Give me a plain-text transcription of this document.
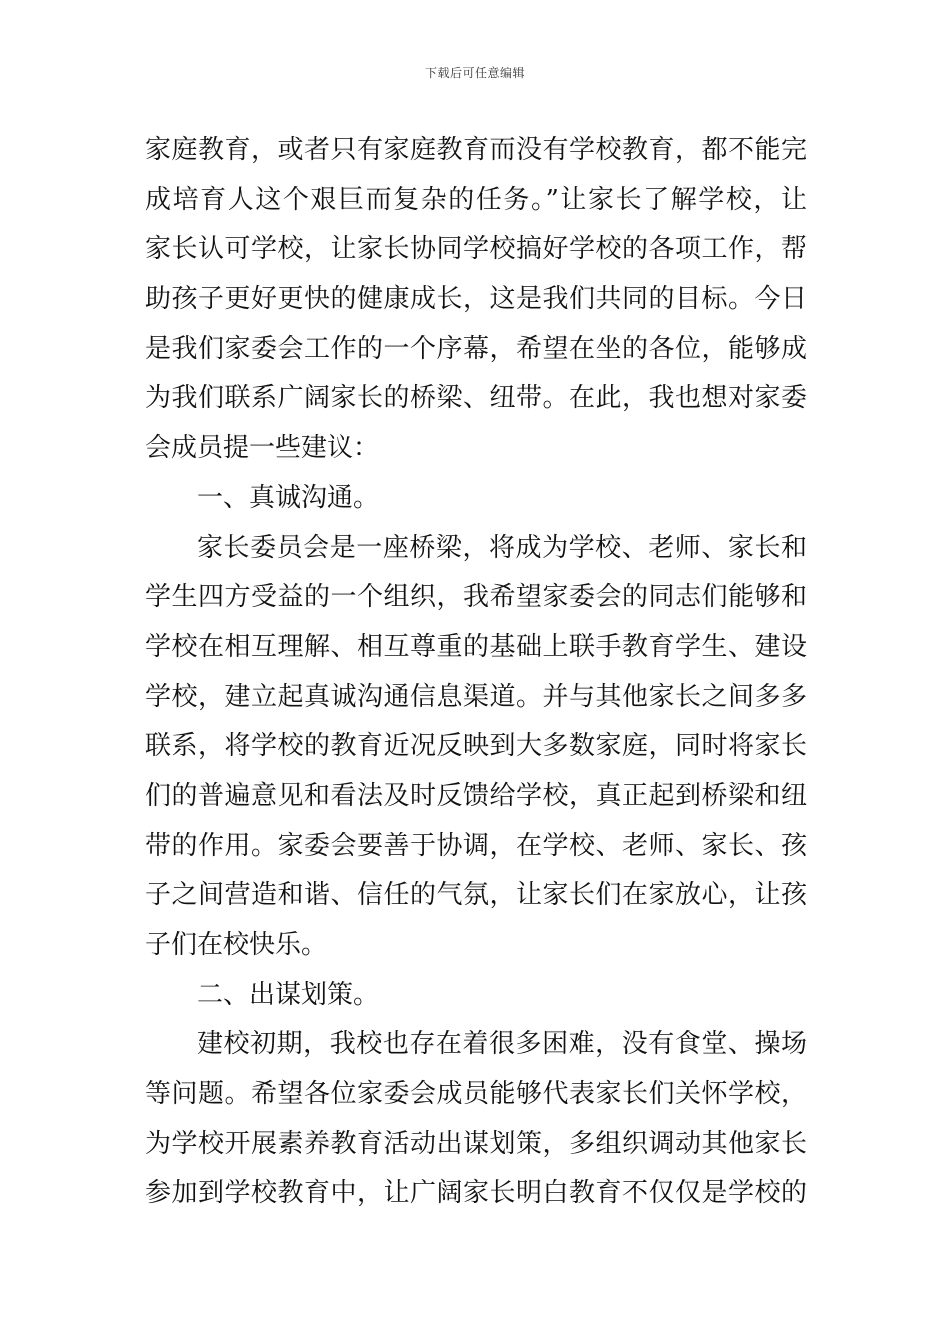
下载后可任意编辑
家庭教育，或者只有家庭教育而没有学校教育，都不能完
成培育人这个艰巨而复杂的任务。”让家长了解学校，让
家长认可学校，让家长协同学校搞好学校的各项工作，帮
助孩子更好更快的健康成长，这是我们共同的目标。今日
是我们家委会工作的一个序幕，希望在坐的各位，能够成
为我们联系广阔家长的桥梁、纽带。在此，我也想对家委
会成员提一些建议：
一、真诚沟通。
家长委员会是一座桥梁，将成为学校、老师、家长和
学生四方受益的一个组织，我希望家委会的同志们能够和
学校在相互理解、相互尊重的基础上联手教育学生、建设
学校，建立起真诚沟通信息渠道。并与其他家长之间多多
联系，将学校的教育近况反映到大多数家庭，同时将家长
们的普遍意见和看法及时反馈给学校，真正起到桥梁和纽
带的作用。家委会要善于协调，在学校、老师、家长、孩
子之间营造和谐、信任的气氛，让家长们在家放心，让孩
子们在校快乐。
二、出谋划策。
建校初期，我校也存在着很多困难，没有食堂、操场
等问题。希望各位家委会成员能够代表家长们关怀学校，
为学校开展素养教育活动出谋划策，多组织调动其他家长
参加到学校教育中，让广阔家长明白教育不仅仅是学校的
